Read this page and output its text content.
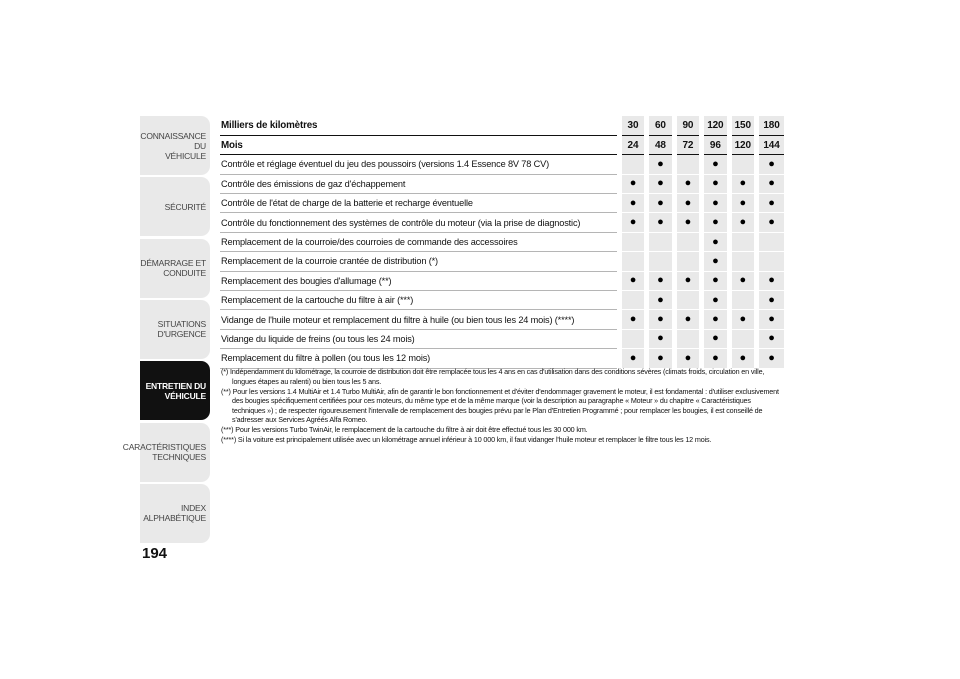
CONNAISSANCE DU
VÉHICULE
SÉCURITÉ
DÉMARRAGE ET
CONDUITE
SITUATIONS
D'URGENCE
ENTRETIEN DU
VÉHICULE
CARACTÉRISTIQUES
TECHNIQUES
INDEX
ALPHABÉTIQUE
194
Milliers de kilomètres	30	60	90	120	150	180
Mois	24	48	72	96	120	144
Contrôle et réglage éventuel du jeu des poussoirs (versions 1.4 Essence 8V 78 CV)		●		●		●
Contrôle des émissions de gaz d'échappement	●	●	●	●	●	●
Contrôle de l'état de charge de la batterie et recharge éventuelle	●	●	●	●	●	●
Contrôle du fonctionnement des systèmes de contrôle du moteur (via la prise de diagnostic)	●	●	●	●	●	●
Remplacement de la courroie/des courroies de commande des accessoires				●		
Remplacement de la courroie crantée de distribution (*)				●		
Remplacement des bougies d'allumage (**)	●	●	●	●	●	●
Remplacement de la cartouche du filtre à air (***)		●		●		●
Vidange de l'huile moteur et remplacement du filtre à huile (ou bien tous les 24 mois) (****)	●	●	●	●	●	●
Vidange du liquide de freins (ou tous les 24 mois)		●		●		●
Remplacement du filtre à pollen (ou tous les 12 mois)	●	●	●	●	●	●

(*) Indépendamment du kilométrage, la courroie de distribution doit être remplacée tous les 4 ans en cas d'utilisation dans des conditions sévères (climats froids, circulation en ville, longues étapes au ralenti) ou bien tous les 5 ans.

(**) Pour les versions 1.4 MultiAir et 1.4 Turbo MultiAir, afin de garantir le bon fonctionnement et d'éviter d'endommager gravement le moteur, il est fondamental : d'utiliser exclusivement des bougies spécifiquement certifiées pour ces moteurs, du même type et de la même marque (voir la description au paragraphe « Moteur » du chapitre « Caractéristiques techniques ») ; de respecter rigoureusement l'intervalle de remplacement des bougies prévu par le Plan d'Entretien Programmé ; pour remplacer les bougies, il est conseillé de s'adresser aux Services Agréés Alfa Romeo.

(***) Pour les versions Turbo TwinAir, le remplacement de la cartouche du filtre à air doit être effectué tous les 30 000 km.

(****) Si la voiture est principalement utilisée avec un kilométrage annuel inférieur à 10 000 km, il faut vidanger l'huile moteur et remplacer le filtre tous les 12 mois.
